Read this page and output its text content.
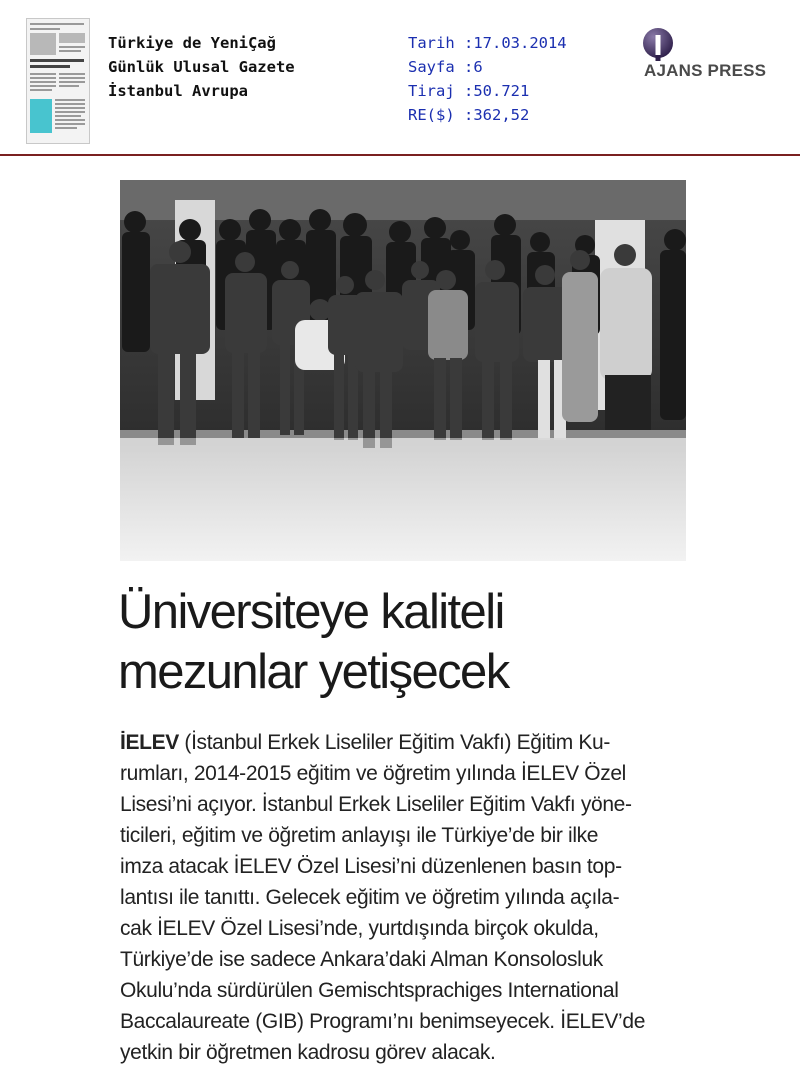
Türkiye de YeniÇağ
Günlük Ulusal Gazete
İstanbul Avrupa
Tarih :17.03.2014
Sayfa :6
Tiraj :50.721
RE($) :362,52
AJANS PRESS
Üniversiteye kaliteli
mezunlar yetişecek
İELEV (İstanbul Erkek Liseliler Eğitim Vakfı) Eğitim Ku-
rumları, 2014-2015 eğitim ve öğretim yılında İELEV Özel
Lisesi’ni açıyor. İstanbul Erkek Liseliler Eğitim Vakfı yöne-
ticileri, eğitim ve öğretim anlayışı ile Türkiye’de bir ilke
imza atacak İELEV Özel Lisesi’ni düzenlenen basın top-
lantısı ile tanıttı. Gelecek eğitim ve öğretim yılında açıla-
cak İELEV Özel Lisesi’nde, yurtdışında birçok okulda,
Türkiye’de ise sadece Ankara’daki Alman Konsolosluk
Okulu’nda sürdürülen Gemischtsprachiges International
Baccalaureate (GIB) Programı’nı benimseyecek. İELEV’de
yetkin bir öğretmen kadrosu görev alacak.
